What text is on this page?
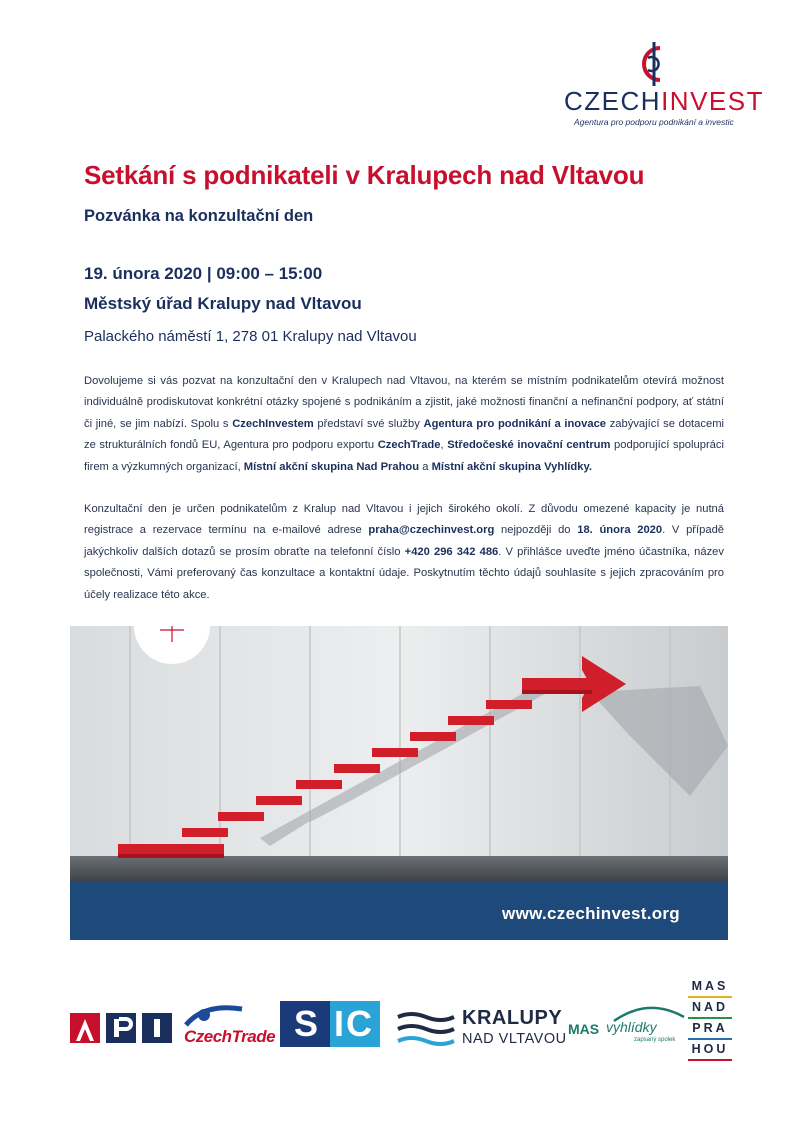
CZECHINVEST
Agentura pro podporu podnikání a investic
Setkání s podnikateli v Kralupech nad Vltavou
Pozvánka na konzultační den
19. února 2020 | 09:00 – 15:00
Městský úřad Kralupy nad Vltavou
Palackého náměstí 1, 278 01 Kralupy nad Vltavou

Dovolujeme si vás pozvat na konzultační den v Kralupech nad Vltavou, na kterém se místním podnikatelům otevírá možnost individuálně prodiskutovat konkrétní otázky spojené s podnikáním a zjistit, jaké možnosti finanční a nefinanční podpory, ať státní či jiné, se jim nabízí. Spolu s CzechInvestem představí své služby Agentura pro podnikání a inovace zabývající se dotacemi ze strukturálních fondů EU, Agentura pro podporu exportu CzechTrade, Středočeské inovační centrum podporující spolupráci firem a výzkumných organizací, Místní akční skupina Nad Prahou a Místní akční skupina Vyhlídky.

Konzultační den je určen podnikatelům z Kralup nad Vltavou i jejich širokého okolí. Z důvodu omezené kapacity je nutná registrace a rezervace termínu na e-mailové adrese praha@czechinvest.org nejpozději do 18. února 2020. V případě jakýchkoliv dalších dotazů se prosím obraťte na telefonní číslo +420 296 342 486. V přihlášce uveďte jméno účastníka, název společnosti, Vámi preferovaný čas konzultace a kontaktní údaje. Poskytnutím těchto údajů souhlasíte s jejich zpracováním pro účely realizace této akce.

www.czechinvest.org
CzechTrade S IC	KRALUPY
NAD VLTAVOU
MAS vyhlídky
zapsaný spolek
MAS
NAD
PRA
HOU
